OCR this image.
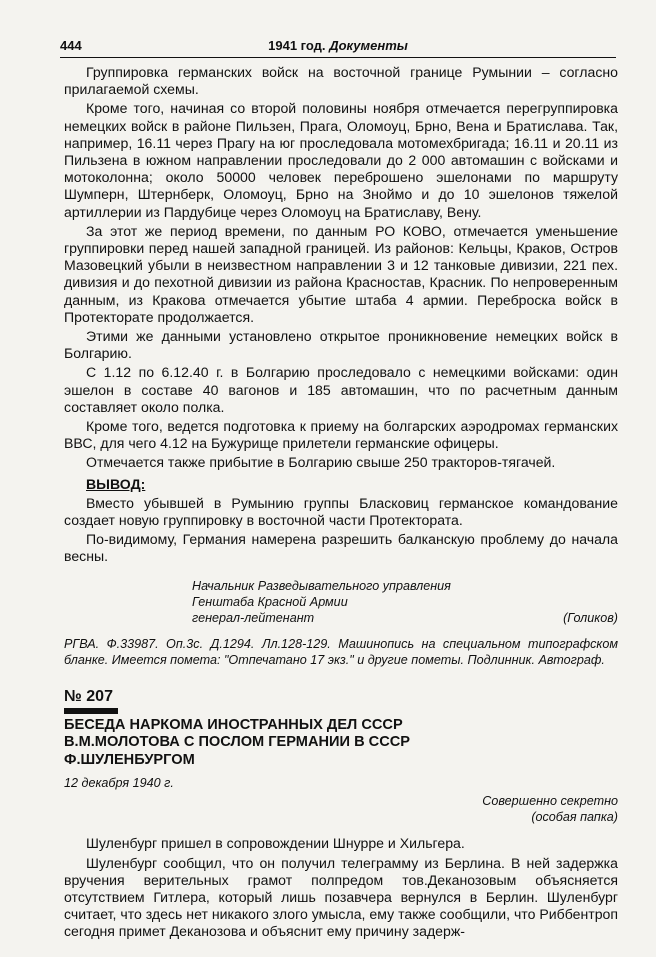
444	1941 год. Документы

Группировка германских войск на восточной границе Румынии – согласно прилагаемой схемы.

Кроме того, начиная со второй половины ноября отмечается перегруппировка немецких войск в районе Пильзен, Прага, Оломоуц, Брно, Вена и Братислава. Так, например, 16.11 через Прагу на юг проследовала мотомехбригада; 16.11 и 20.11 из Пильзена в южном направлении проследовали до 2 000 автомашин с войсками и мотоколонна; около 50000 человек переброшено эшелонами по маршруту Шумперн, Штернберк, Оломоуц, Брно на Зноймо и до 10 эшелонов тяжелой артиллерии из Пардубице через Оломоуц на Братиславу, Вену.

За этот же период времени, по данным РО КОВО, отмечается уменьшение группировки перед нашей западной границей. Из районов: Кельцы, Краков, Остров Мазовецкий убыли в неизвестном направлении 3 и 12 танковые дивизии, 221 пех. дивизия и до пехотной дивизии из района Красностав, Красник. По непроверенным данным, из Кракова отмечается убытие штаба 4 армии. Переброска войск в Протекторате продолжается.

Этими же данными установлено открытое проникновение немецких войск в Болгарию.

С 1.12 по 6.12.40 г. в Болгарию проследовало с немецкими войсками: один эшелон в составе 40 вагонов и 185 автомашин, что по расчетным данным составляет около полка.

Кроме того, ведется подготовка к приему на болгарских аэродромах германских ВВС, для чего 4.12 на Бужурище прилетели германские офицеры.

Отмечается также прибытие в Болгарию свыше 250 тракторов-тягачей.

ВЫВОД:

Вместо убывшей в Румынию группы Бласковиц германское командование создает новую группировку в восточной части Протектората.

По-видимому, Германия намерена разрешить балканскую проблему до начала весны.

Начальник Разведывательного управления
Генштаба Красной Армии
генерал-лейтенант	(Голиков)
РГВА. Ф.33987. Оп.3с. Д.1294. Лл.128-129. Машинопись на специальном типографском бланке. Имеется помета: "Отпечатано 17 экз." и другие пометы. Подлинник. Автограф.
№ 207
БЕСЕДА НАРКОМА ИНОСТРАННЫХ ДЕЛ СССР
В.М.МОЛОТОВА С ПОСЛОМ ГЕРМАНИИ В СССР
Ф.ШУЛЕНБУРГОМ
12 декабря 1940 г.
Совершенно секретно
(особая папка)

Шуленбург пришел в сопровождении Шнурре и Хильгера.

Шуленбург сообщил, что он получил телеграмму из Берлина. В ней задержка вручения верительных грамот полпредом тов.Деканозовым объясняется отсутствием Гитлера, который лишь позавчера вернулся в Берлин. Шуленбург считает, что здесь нет никакого злого умысла, ему также сообщили, что Риббентроп сегодня примет Деканозова и объяснит ему причину задерж-
